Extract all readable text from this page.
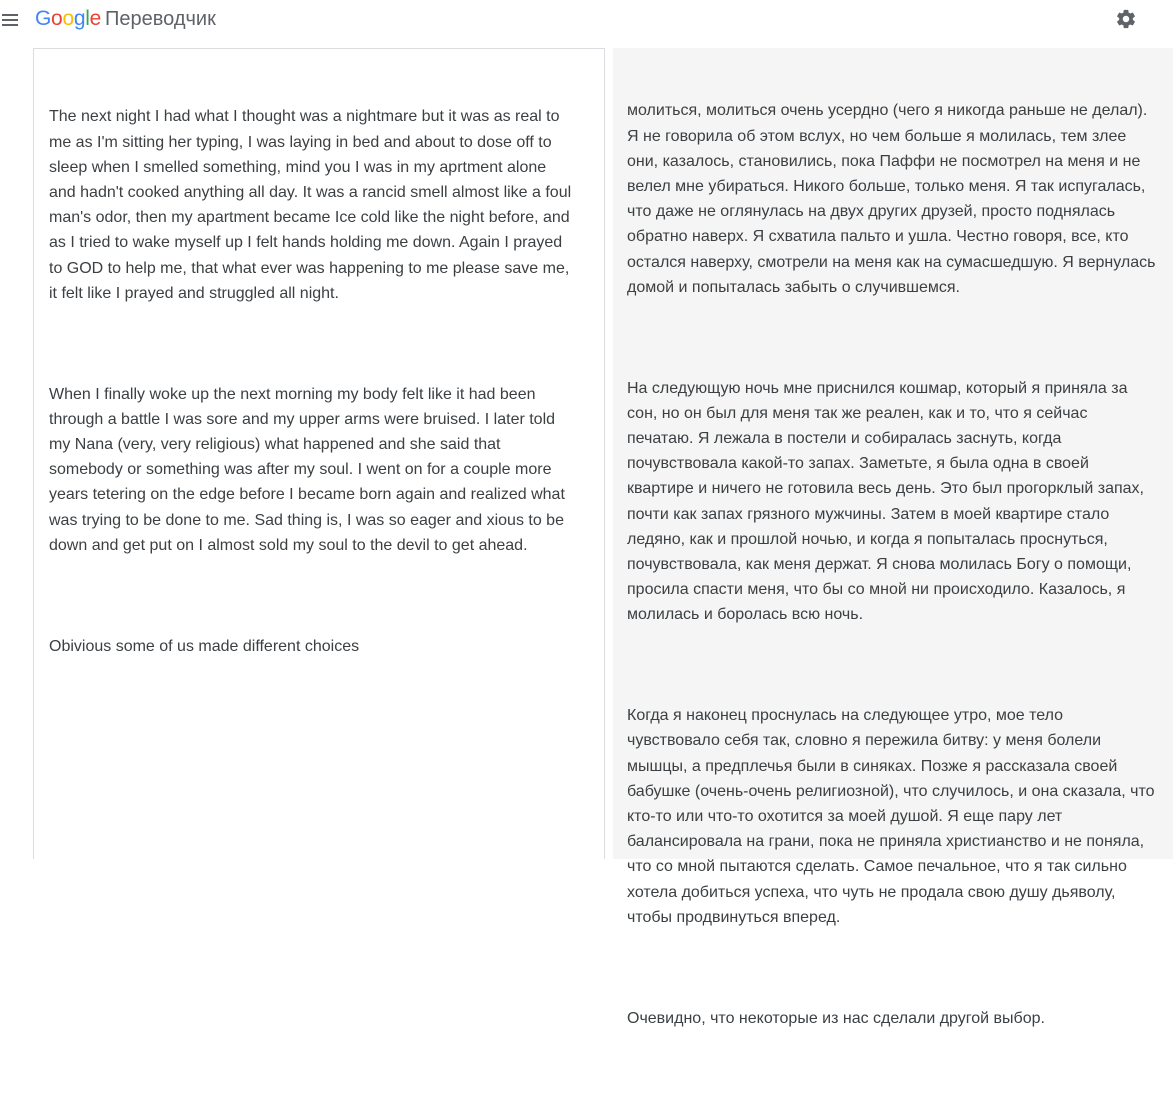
Google Переводчик

The next night I had what I thought was a nightmare but it was as real to me as I'm sitting her typing, I was laying in bed and about to dose off to sleep when I smelled something, mind you I was in my aprtment alone and hadn't cooked anything all day. It was a rancid smell almost like a foul man's odor, then my apartment became Ice cold like the night before, and as I tried to wake myself up I felt hands holding me down. Again I prayed to GOD to help me, that what ever was happening to me please save me, it felt like I prayed and struggled all night.

When I finally woke up the next morning my body felt like it had been through a battle I was sore and my upper arms were bruised. I later told my Nana (very, very religious) what happened and she said that somebody or something was after my soul. I went on for a couple more years tetering on the edge before I became born again and realized what was trying to be done to me. Sad thing is, I was so eager and xious to be down and get put on I almost sold my soul to the devil to get ahead.

Obivious some of us made different choices

молиться, молиться очень усердно (чего я никогда раньше не делал). Я не говорила об этом вслух, но чем больше я молилась, тем злее они, казалось, становились, пока Паффи не посмотрел на меня и не велел мне убираться. Никого больше, только меня. Я так испугалась, что даже не оглянулась на двух других друзей, просто поднялась обратно наверх. Я схватила пальто и ушла. Честно говоря, все, кто остался наверху, смотрели на меня как на сумасшедшую. Я вернулась домой и попыталась забыть о случившемся.

На следующую ночь мне приснился кошмар, который я приняла за сон, но он был для меня так же реален, как и то, что я сейчас печатаю. Я лежала в постели и собиралась заснуть, когда почувствовала какой-то запах. Заметьте, я была одна в своей квартире и ничего не готовила весь день. Это был прогорклый запах, почти как запах грязного мужчины. Затем в моей квартире стало ледяно, как и прошлой ночью, и когда я попыталась проснуться, почувствовала, как меня держат. Я снова молилась Богу о помощи, просила спасти меня, что бы со мной ни происходило. Казалось, я молилась и боролась всю ночь.

Когда я наконец проснулась на следующее утро, мое тело чувствовало себя так, словно я пережила битву: у меня болели мышцы, а предплечья были в синяках. Позже я рассказала своей бабушке (очень-очень религиозной), что случилось, и она сказала, что кто-то или что-то охотится за моей душой. Я еще пару лет балансировала на грани, пока не приняла христианство и не поняла, что со мной пытаются сделать. Самое печальное, что я так сильно хотела добиться успеха, что чуть не продала свою душу дьяволу, чтобы продвинуться вперед.

Очевидно, что некоторые из нас сделали другой выбор.
